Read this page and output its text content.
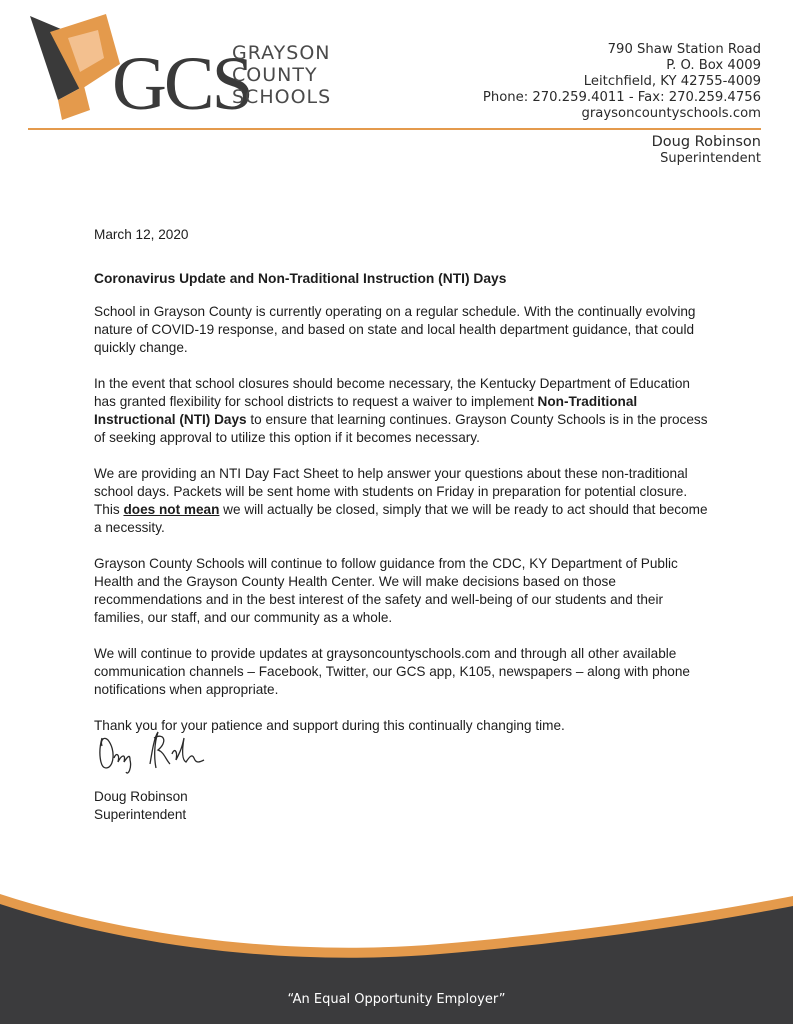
GCS
GRAYSON
COUNTY
SCHOOLS
790 Shaw Station Road
P. O. Box 4009
Leitchfield, KY 42755-4009
Phone: 270.259.4011 - Fax: 270.259.4756
graysoncountyschools.com
Doug Robinson
Superintendent
March 12, 2020
Coronavirus Update and Non-Traditional Instruction (NTI) Days

School in Grayson County is currently operating on a regular schedule. With the continually evolving nature of COVID-19 response, and based on state and local health department guidance, that could quickly change.

In the event that school closures should become necessary, the Kentucky Department of Education has granted flexibility for school districts to request a waiver to implement Non-Traditional Instructional (NTI) Days to ensure that learning continues. Grayson County Schools is in the process of seeking approval to utilize this option if it becomes necessary.

We are providing an NTI Day Fact Sheet to help answer your questions about these non-traditional school days. Packets will be sent home with students on Friday in preparation for potential closure. This does not mean we will actually be closed, simply that we will be ready to act should that become a necessity.

Grayson County Schools will continue to follow guidance from the CDC, KY Department of Public Health and the Grayson County Health Center. We will make decisions based on those recommendations and in the best interest of the safety and well-being of our students and their families, our staff, and our community as a whole.

We will continue to provide updates at graysoncountyschools.com and through all other available communication channels – Facebook, Twitter, our GCS app, K105, newspapers – along with phone notifications when appropriate.

Thank you for your patience and support during this continually changing time.

Doug Robinson
Superintendent
“An Equal Opportunity Employer”
